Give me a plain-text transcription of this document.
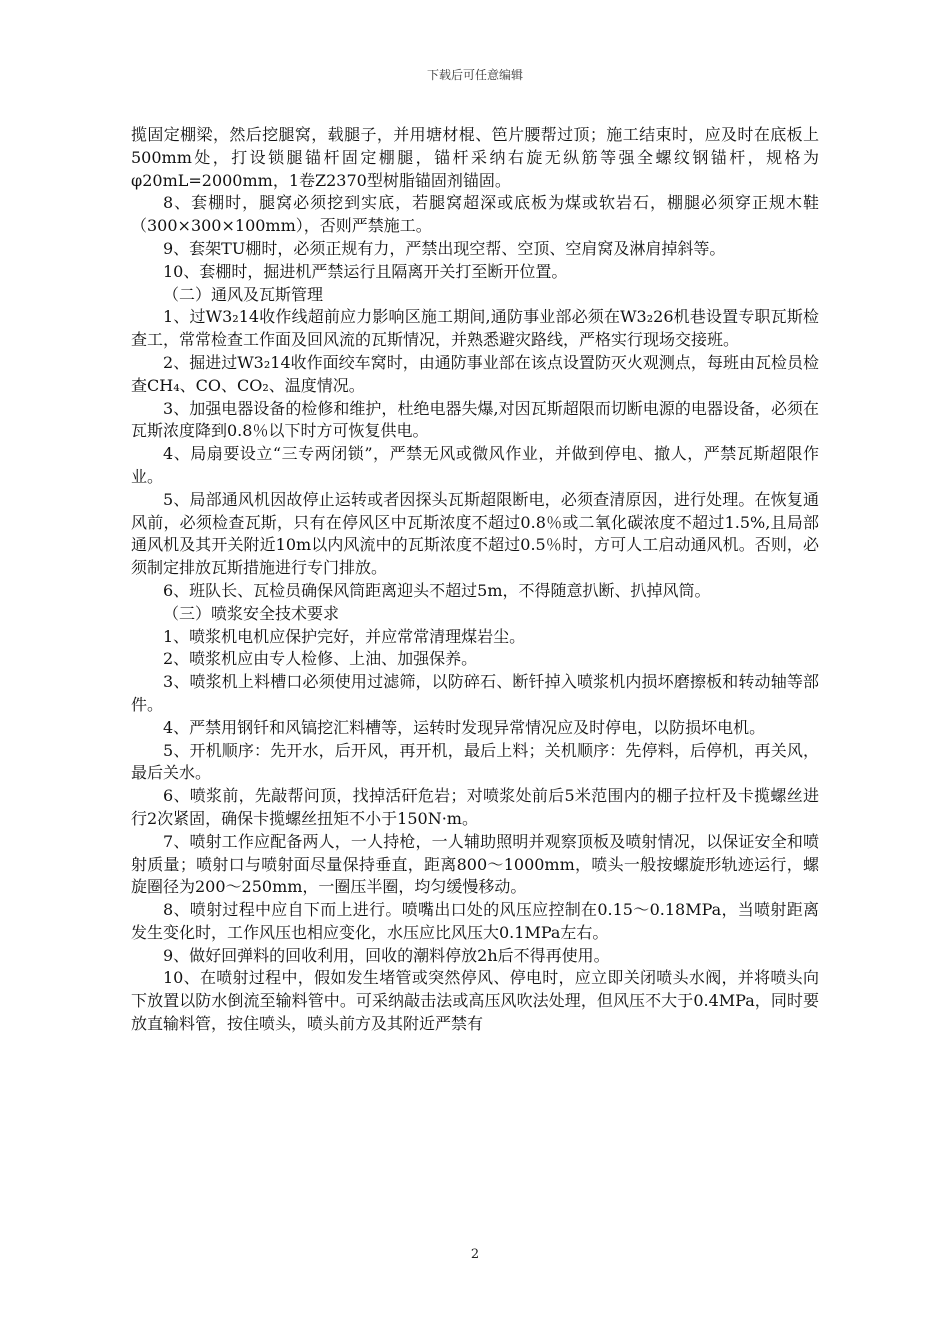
下载后可任意编辑

揽固定棚梁，然后挖腿窝，载腿子，并用塘材棍、笆片腰帮过顶；施工结束时，应及时在底板上500mm处，打设锁腿锚杆固定棚腿，锚杆采纳右旋无纵筋等强全螺纹钢锚杆，规格为φ20mL=2000mm，1卷Z2370型树脂锚固剂锚固。

8、套棚时，腿窝必须挖到实底，若腿窝超深或底板为煤或软岩石，棚腿必须穿正规木鞋（300×300×100mm），否则严禁施工。

9、套架TU棚时，必须正规有力，严禁出现空帮、空顶、空肩窝及淋肩掉斜等。

10、套棚时，掘进机严禁运行且隔离开关打至断开位置。

（二）通风及瓦斯管理

1、过W3₂14收作线超前应力影响区施工期间,通防事业部必须在W3₂26机巷设置专职瓦斯检查工，常常检查工作面及回风流的瓦斯情况，并熟悉避灾路线，严格实行现场交接班。

2、掘进过W3₂14收作面绞车窝时，由通防事业部在该点设置防灭火观测点，每班由瓦检员检查CH₄、CO、CO₂、温度情况。

3、加强电器设备的检修和维护，杜绝电器失爆,对因瓦斯超限而切断电源的电器设备，必须在瓦斯浓度降到0.8％以下时方可恢复供电。

4、局扇要设立“三专两闭锁”，严禁无风或微风作业，并做到停电、撤人，严禁瓦斯超限作业。

5、局部通风机因故停止运转或者因探头瓦斯超限断电，必须查清原因，进行处理。在恢复通风前，必须检查瓦斯，只有在停风区中瓦斯浓度不超过0.8％或二氧化碳浓度不超过1.5%,且局部通风机及其开关附近10m以内风流中的瓦斯浓度不超过0.5％时，方可人工启动通风机。否则，必须制定排放瓦斯措施进行专门排放。

6、班队长、瓦检员确保风筒距离迎头不超过5m，不得随意扒断、扒掉风筒。

（三）喷浆安全技术要求

1、喷浆机电机应保护完好，并应常常清理煤岩尘。

2、喷浆机应由专人检修、上油、加强保养。

3、喷浆机上料槽口必须使用过滤筛，以防碎石、断钎掉入喷浆机内损坏磨擦板和转动轴等部件。

4、严禁用钢钎和风镐挖汇料槽等，运转时发现异常情况应及时停电，以防损坏电机。

5、开机顺序：先开水，后开风，再开机，最后上料；关机顺序：先停料，后停机，再关风，最后关水。

6、喷浆前，先敲帮问顶，找掉活矸危岩；对喷浆处前后5米范围内的棚子拉杆及卡揽螺丝进行2次紧固，确保卡揽螺丝扭矩不小于150N·m。

7、喷射工作应配备两人，一人持枪，一人辅助照明并观察顶板及喷射情况，以保证安全和喷射质量；喷射口与喷射面尽量保持垂直，距离800～1000mm，喷头一般按螺旋形轨迹运行，螺旋圈径为200～250mm，一圈压半圈，均匀缓慢移动。

8、喷射过程中应自下而上进行。喷嘴出口处的风压应控制在0.15～0.18MPa，当喷射距离发生变化时，工作风压也相应变化，水压应比风压大0.1MPa左右。

9、做好回弹料的回收利用，回收的潮料停放2h后不得再使用。

10、在喷射过程中，假如发生堵管或突然停风、停电时，应立即关闭喷头水阀，并将喷头向下放置以防水倒流至输料管中。可采纳敲击法或高压风吹法处理，但风压不大于0.4MPa，同时要放直输料管，按住喷头，喷头前方及其附近严禁有

2
